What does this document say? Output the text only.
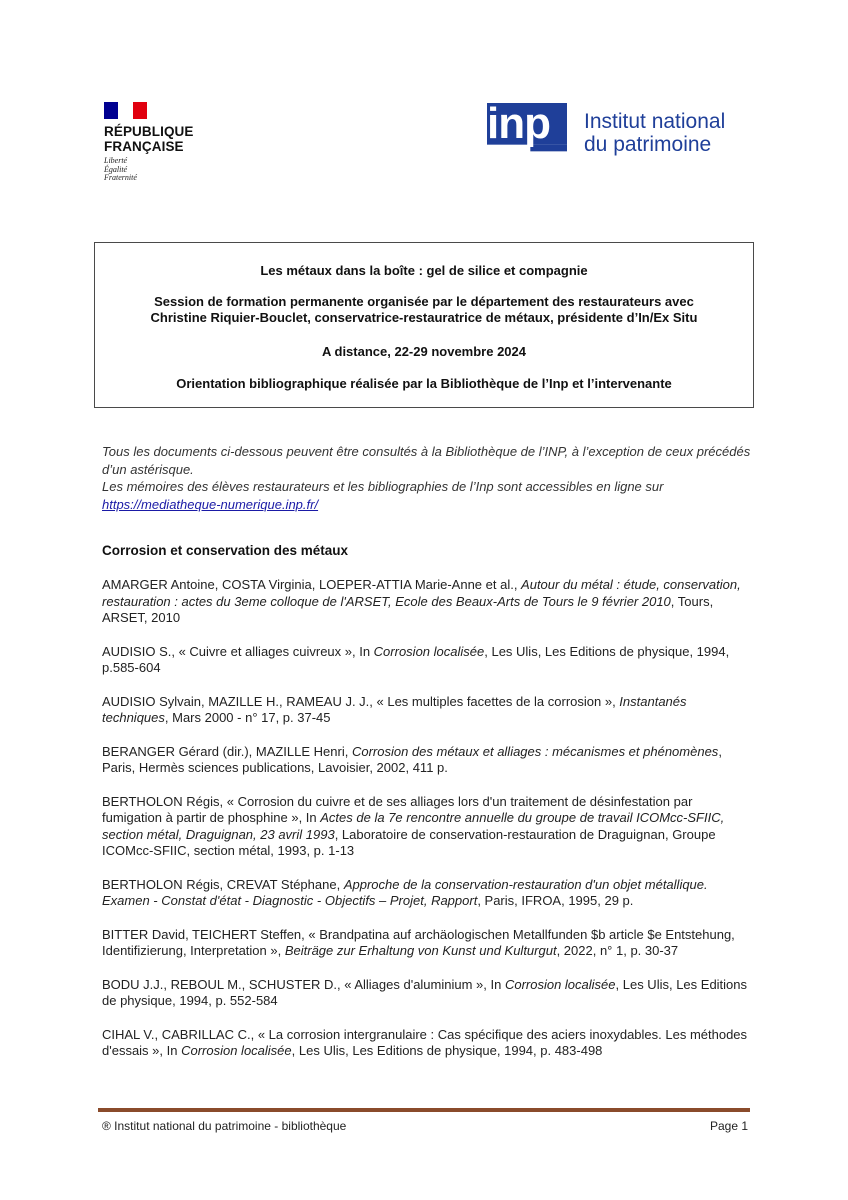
RÉPUBLIQUE
FRANÇAISE
Liberté
Égalité
Fraternité
inp Institut national
du patrimoine
Les métaux dans la boîte : gel de silice et compagnie
Session de formation permanente organisée par le département des restaurateurs avec
Christine Riquier-Bouclet, conservatrice-restauratrice de métaux, présidente d’In/Ex Situ
A distance, 22-29 novembre 2024
Orientation bibliographique réalisée par la Bibliothèque de l’Inp et l’intervenante
Tous les documents ci-dessous peuvent être consultés à la Bibliothèque de l’INP, à l’exception de ceux précédés d’un astérisque.
Les mémoires des élèves restaurateurs et les bibliographies de l’Inp sont accessibles en ligne sur https://mediatheque-numerique.inp.fr/
Corrosion et conservation des métaux

AMARGER Antoine, COSTA Virginia, LOEPER-ATTIA Marie-Anne et al., Autour du métal : étude, conservation, restauration : actes du 3eme colloque de l'ARSET, Ecole des Beaux-Arts de Tours le 9 février 2010, Tours, ARSET, 2010

AUDISIO S., « Cuivre et alliages cuivreux », In Corrosion localisée, Les Ulis, Les Editions de physique, 1994, p.585-604

AUDISIO Sylvain, MAZILLE H., RAMEAU J. J., « Les multiples facettes de la corrosion », Instantanés techniques, Mars 2000 - n° 17, p. 37-45

BERANGER Gérard (dir.), MAZILLE Henri, Corrosion des métaux et alliages : mécanismes et phénomènes, Paris, Hermès sciences publications, Lavoisier, 2002, 411 p.

BERTHOLON Régis, « Corrosion du cuivre et de ses alliages lors d'un traitement de désinfestation par fumigation à partir de phosphine », In Actes de la 7e rencontre annuelle du groupe de travail ICOMcc-SFIIC, section métal, Draguignan, 23 avril 1993, Laboratoire de conservation-restauration de Draguignan, Groupe ICOMcc-SFIIC, section métal, 1993, p. 1-13

BERTHOLON Régis, CREVAT Stéphane, Approche de la conservation-restauration d'un objet métallique. Examen - Constat d'état - Diagnostic - Objectifs – Projet, Rapport, Paris, IFROA, 1995, 29 p.

BITTER David, TEICHERT Steffen, « Brandpatina auf archäologischen Metallfunden $b article $e Entstehung, Identifizierung, Interpretation », Beiträge zur Erhaltung von Kunst und Kulturgut, 2022, n° 1, p. 30-37

BODU J.J., REBOUL M., SCHUSTER D., « Alliages d'aluminium », In Corrosion localisée, Les Ulis, Les Editions de physique, 1994, p. 552-584

CIHAL V., CABRILLAC C., « La corrosion intergranulaire : Cas spécifique des aciers inoxydables. Les méthodes d'essais », In Corrosion localisée, Les Ulis, Les Editions de physique, 1994, p. 483-498

® Institut national du patrimoine - bibliothèque	Page 1
